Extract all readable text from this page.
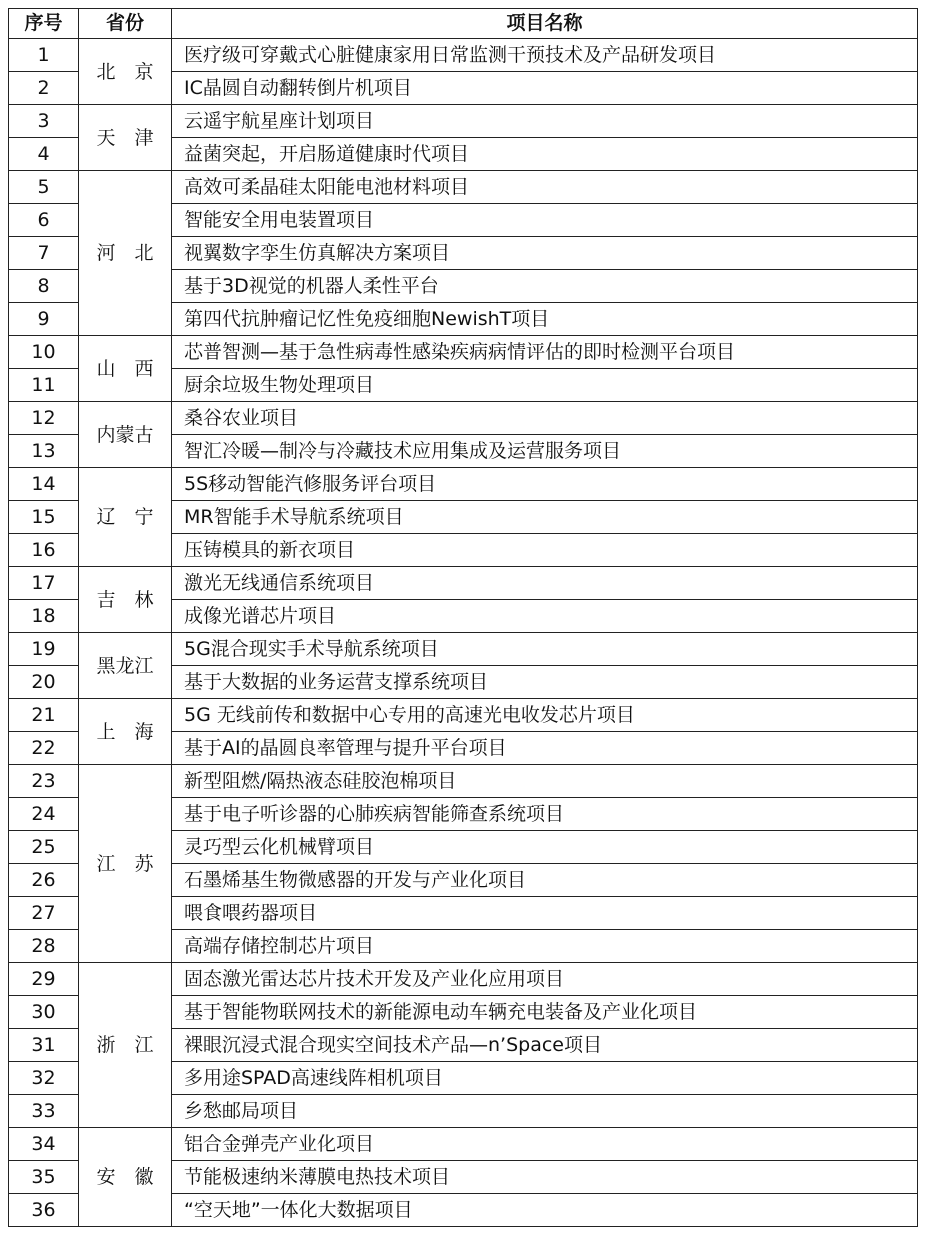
序号	省份	项目名称
1	北　京	医疗级可穿戴式心脏健康家用日常监测干预技术及产品研发项目
2		IC晶圆自动翻转倒片机项目
3	天　津	云遥宇航星座计划项目
4		益菌突起，开启肠道健康时代项目
5	河　北	高效可柔晶硅太阳能电池材料项目
6		智能安全用电装置项目
7		视翼数字孪生仿真解决方案项目
8		基于3D视觉的机器人柔性平台
9		第四代抗肿瘤记忆性免疫细胞NewishT项目
10	山　西	芯普智测—基于急性病毒性感染疾病病情评估的即时检测平台项目
11		厨余垃圾生物处理项目
12	内蒙古	桑谷农业项目
13		智汇冷暖—制冷与冷藏技术应用集成及运营服务项目
14	辽　宁	5S移动智能汽修服务评台项目
15		MR智能手术导航系统项目
16		压铸模具的新衣项目
17	吉　林	激光无线通信系统项目
18		成像光谱芯片项目
19	黑龙江	5G混合现实手术导航系统项目
20		基于大数据的业务运营支撑系统项目
21	上　海	5G 无线前传和数据中心专用的高速光电收发芯片项目
22		基于AI的晶圆良率管理与提升平台项目
23	江　苏	新型阻燃/隔热液态硅胶泡棉项目
24		基于电子听诊器的心肺疾病智能筛查系统项目
25		灵巧型云化机械臂项目
26		石墨烯基生物微感器的开发与产业化项目
27		喂食喂药器项目
28		高端存储控制芯片项目
29	浙　江	固态激光雷达芯片技术开发及产业化应用项目
30		基于智能物联网技术的新能源电动车辆充电装备及产业化项目
31		裸眼沉浸式混合现实空间技术产品—n’Space项目
32		多用途SPAD高速线阵相机项目
33		乡愁邮局项目
34	安　徽	铝合金弹壳产业化项目
35		节能极速纳米薄膜电热技术项目
36		“空天地”一体化大数据项目
